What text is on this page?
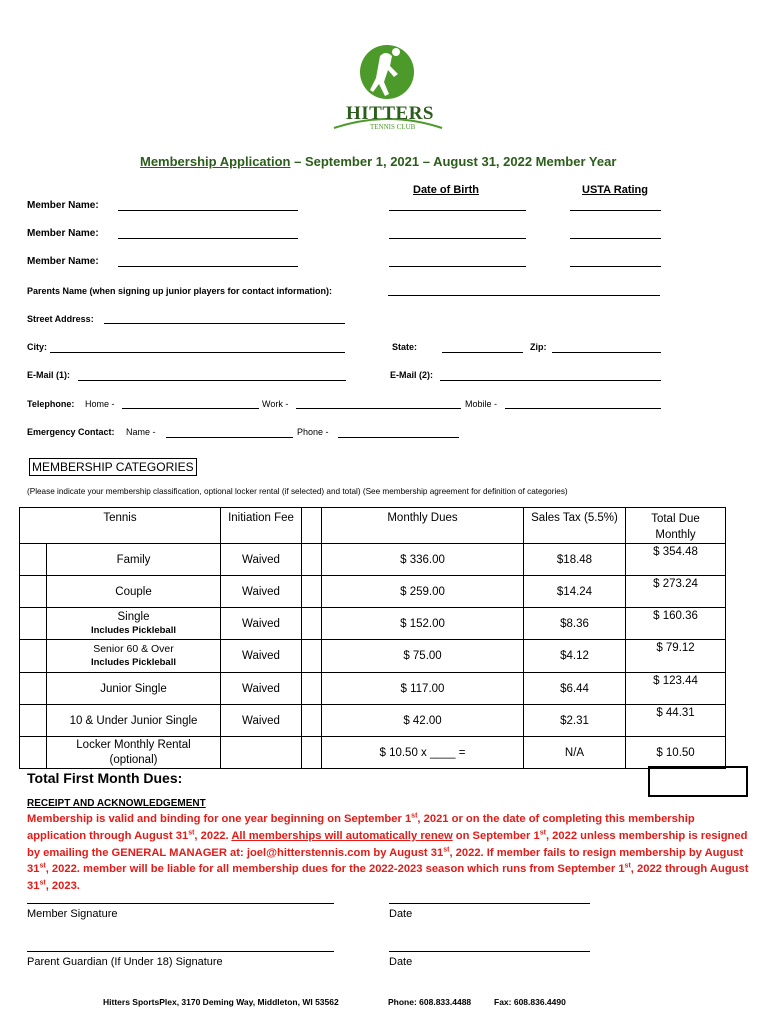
HITTERS
TENNIS CLUB
Membership Application – September 1, 2021 – August 31, 2022 Member Year
Date of Birth	USTA Rating
Member Name:
Member Name:
Member Name:
Parents Name (when signing up junior players for contact information):
Street Address:
City:	State:	Zip:
E-Mail (1):	E-Mail (2):
Telephone: Home -	Work -	Mobile -
Emergency Contact: Name -	Phone -
MEMBERSHIP CATEGORIES
(Please indicate your membership classification, optional locker rental (if selected) and total) (See membership agreement for definition of categories)
Tennis		Initiation Fee		Monthly Dues	Sales Tax (5.5%)	Total Due
Monthly

	Family	Waived		$ 336.00	$18.48	$ 354.48
	Couple	Waived		$ 259.00	$14.24	$ 273.24

	Single
Includes Pickleball	Waived		$ 152.00	$8.36	$ 160.36

	Senior 60 & Over
Includes Pickleball	Waived		$ 75.00	$4.12	$ 79.12
	Junior Single	Waived		$ 117.00	$6.44	$ 123.44
	10 & Under Junior Single	Waived		$ 42.00	$2.31	$ 44.31

	Locker Monthly Rental
(optional)			$ 10.50 x ____ =	N/A	$ 10.50
Total First Month Dues:
RECEIPT AND ACKNOWLEDGEMENT
Membership is valid and binding for one year beginning on September 1st, 2021 or on the date of completing this membership application through August 31st, 2022. All memberships will automatically renew on September 1st, 2022 unless membership is resigned by emailing the GENERAL MANAGER at: joel@hitterstennis.com by August 31st, 2022. If member fails to resign membership by August 31st, 2022. member will be liable for all membership dues for the 2022-2023 season which runs from September 1st, 2022 through August 31st, 2023.
Member Signature	Date
Parent Guardian (If Under 18) Signature	Date
Hitters SportsPlex, 3170 Deming Way, Middleton, WI 53562	Phone: 608.833.4488	Fax: 608.836.4490
